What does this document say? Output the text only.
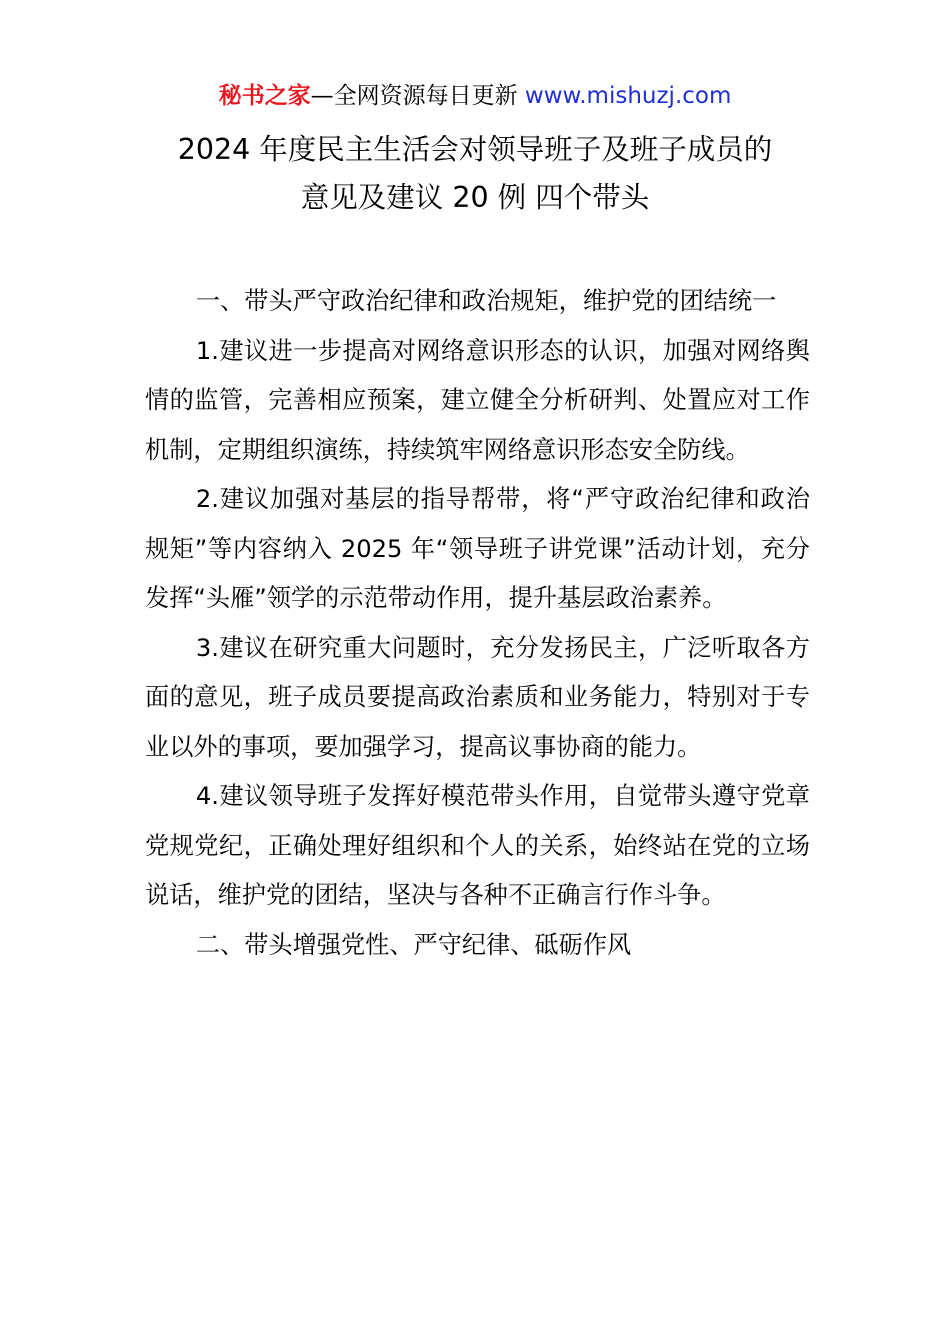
秘书之家—全网资源每日更新 www.mishuzj.com
2024 年度民主生活会对领导班子及班子成员的
意见及建议 20 例 四个带头

一、带头严守政治纪律和政治规矩，维护党的团结统一

1.建议进一步提高对网络意识形态的认识，加强对网络舆情的监管，完善相应预案，建立健全分析研判、处置应对工作机制，定期组织演练，持续筑牢网络意识形态安全防线。

2.建议加强对基层的指导帮带，将“严守政治纪律和政治规矩”等内容纳入 2025 年“领导班子讲党课”活动计划，充分发挥“头雁”领学的示范带动作用，提升基层政治素养。

3.建议在研究重大问题时，充分发扬民主，广泛听取各方面的意见，班子成员要提高政治素质和业务能力，特别对于专业以外的事项，要加强学习，提高议事协商的能力。

4.建议领导班子发挥好模范带头作用，自觉带头遵守党章党规党纪，正确处理好组织和个人的关系，始终站在党的立场说话，维护党的团结，坚决与各种不正确言行作斗争。

二、带头增强党性、严守纪律、砥砺作风
